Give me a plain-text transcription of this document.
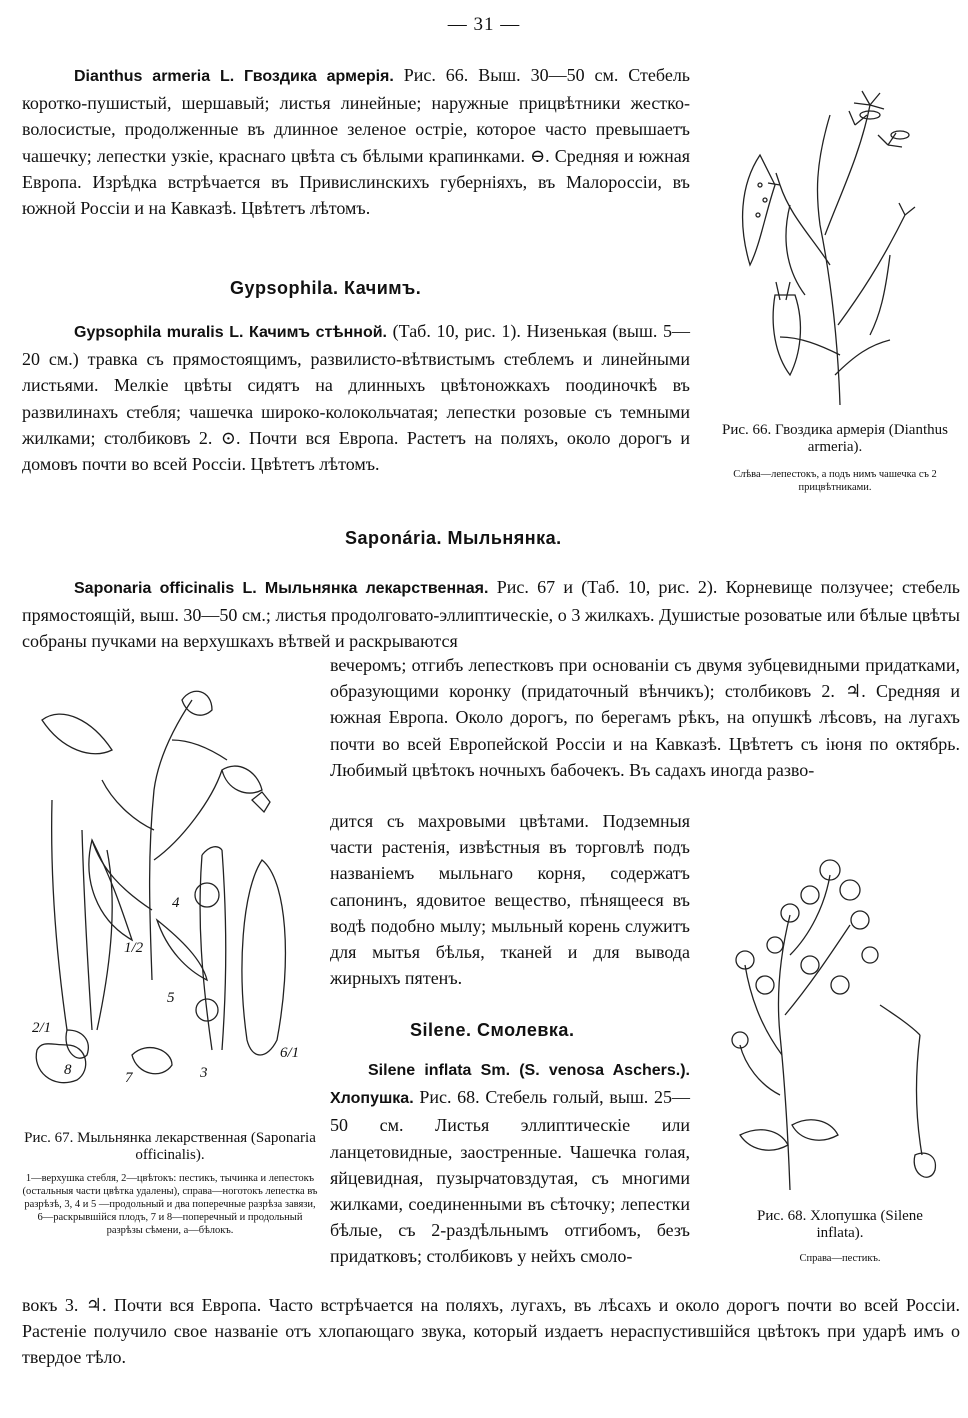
— 31 —
Dianthus armeria L. Гвоздика армерія. Рис. 66. Выш. 30—50 см. Стебель коротко-пушистый, шершавый; листья линейные; наружные прицвѣтники жестко-волосистые, продолженные въ длинное зеленое остріе, которое часто превышаетъ чашечку; лепестки узкіе, краснаго цвѣта съ бѣлыми крапинками. ⊖. Средняя и южная Европа. Изрѣдка встрѣчается въ Привислинскихъ губерніяхъ, въ Малороссіи, въ южной Россіи и на Кавказѣ. Цвѣтетъ лѣтомъ.
Gypsophila. Качимъ.
Gypsophila muralis L. Качимъ стѣнной. (Таб. 10, рис. 1). Низенькая (выш. 5—20 см.) травка съ прямостоящимъ, развилисто-вѣтвистымъ стеблемъ и линейными листьями. Мелкіе цвѣты сидятъ на длинныхъ цвѣтоножкахъ поодиночкѣ въ развилинахъ стебля; чашечка широко-колокольчатая; лепестки розовые съ темными жилками; столбиковъ 2. ⊙. Почти вся Европа. Растетъ на поляхъ, около дорогъ и домовъ почти во всей Россіи. Цвѣтетъ лѣтомъ.
Рис. 66. Гвоздика армерія (Dianthus armeria).
Слѣва—лепестокъ, а подъ нимъ чашечка съ 2 прицвѣтниками.
Saponária. Мыльнянка.
Saponaria officinalis L. Мыльнянка лекарственная. Рис. 67 и (Таб. 10, рис. 2). Корневище ползучее; стебель прямостоящій, выш. 30—50 см.; листья продолговато-эллиптическіе, о 3 жилкахъ. Душистые розоватые или бѣлые цвѣты собраны пучками на верхушкахъ вѣтвей и раскрываются
вечеромъ; отгибъ лепестковъ при основаніи съ двумя зубцевидными придатками, образующими коронку (придаточный вѣнчикъ); столбиковъ 2. ♃. Средняя и южная Европа. Около дорогъ, по берегамъ рѣкъ, на опушкѣ лѣсовъ, на лугахъ почти во всей Европейской Россіи и на Кавказѣ. Цвѣтетъ съ іюня по октябрь. Любимый цвѣтокъ ночныхъ бабочекъ. Въ садахъ иногда разво-
дится съ махровыми цвѣтами. Подземныя части растенія, извѣстныя въ торговлѣ подъ названіемъ мыльнаго корня, содержатъ сапонинъ, ядовитое вещество, пѣнящееся въ водѣ подобно мылу; мыльный корень служитъ для мытья бѣлья, тканей и для вывода жирныхъ пятенъ.
1/2
2/1
4
5
3
6/1
7
8
Рис. 67. Мыльнянка лекарственная (Saponaria officinalis).
1—верхушка стебля, 2—цвѣтокъ: пестикъ, тычинка и лепестокъ (остальныя части цвѣтка удалены), справа—ноготокъ лепестка въ разрѣзѣ, 3, 4 и 5 —продольный и два поперечные разрѣза завязи, 6—раскрывшійся плодъ, 7 и 8—поперечный и продольный разрѣзы сѣмени, а—бѣлокъ.
Silene. Смолевка.
Silene inflata Sm. (S. venosa Aschers.). Хлопушка. Рис. 68. Стебель голый, выш. 25—50 см. Листья эллиптическіе или ланцетовидные, заостренные. Чашечка голая, яйцевидная, пузырчатовздутая, съ многими жилками, соединенными въ сѣточку; лепестки бѣлые, съ 2-раздѣльнымъ отгибомъ, безъ придатковъ; столбиковъ у нейхъ смоло-
вокъ 3. ♃. Почти вся Европа. Часто встрѣчается на поляхъ, лугахъ, въ лѣсахъ и около дорогъ почти во всей Россіи. Растеніе получило свое названіе отъ хлопающаго звука, который издаетъ нераспустившійся цвѣтокъ при ударѣ имъ о твердое тѣло.
Рис. 68. Хлопушка (Silene inflata).
Справа—пестикъ.
